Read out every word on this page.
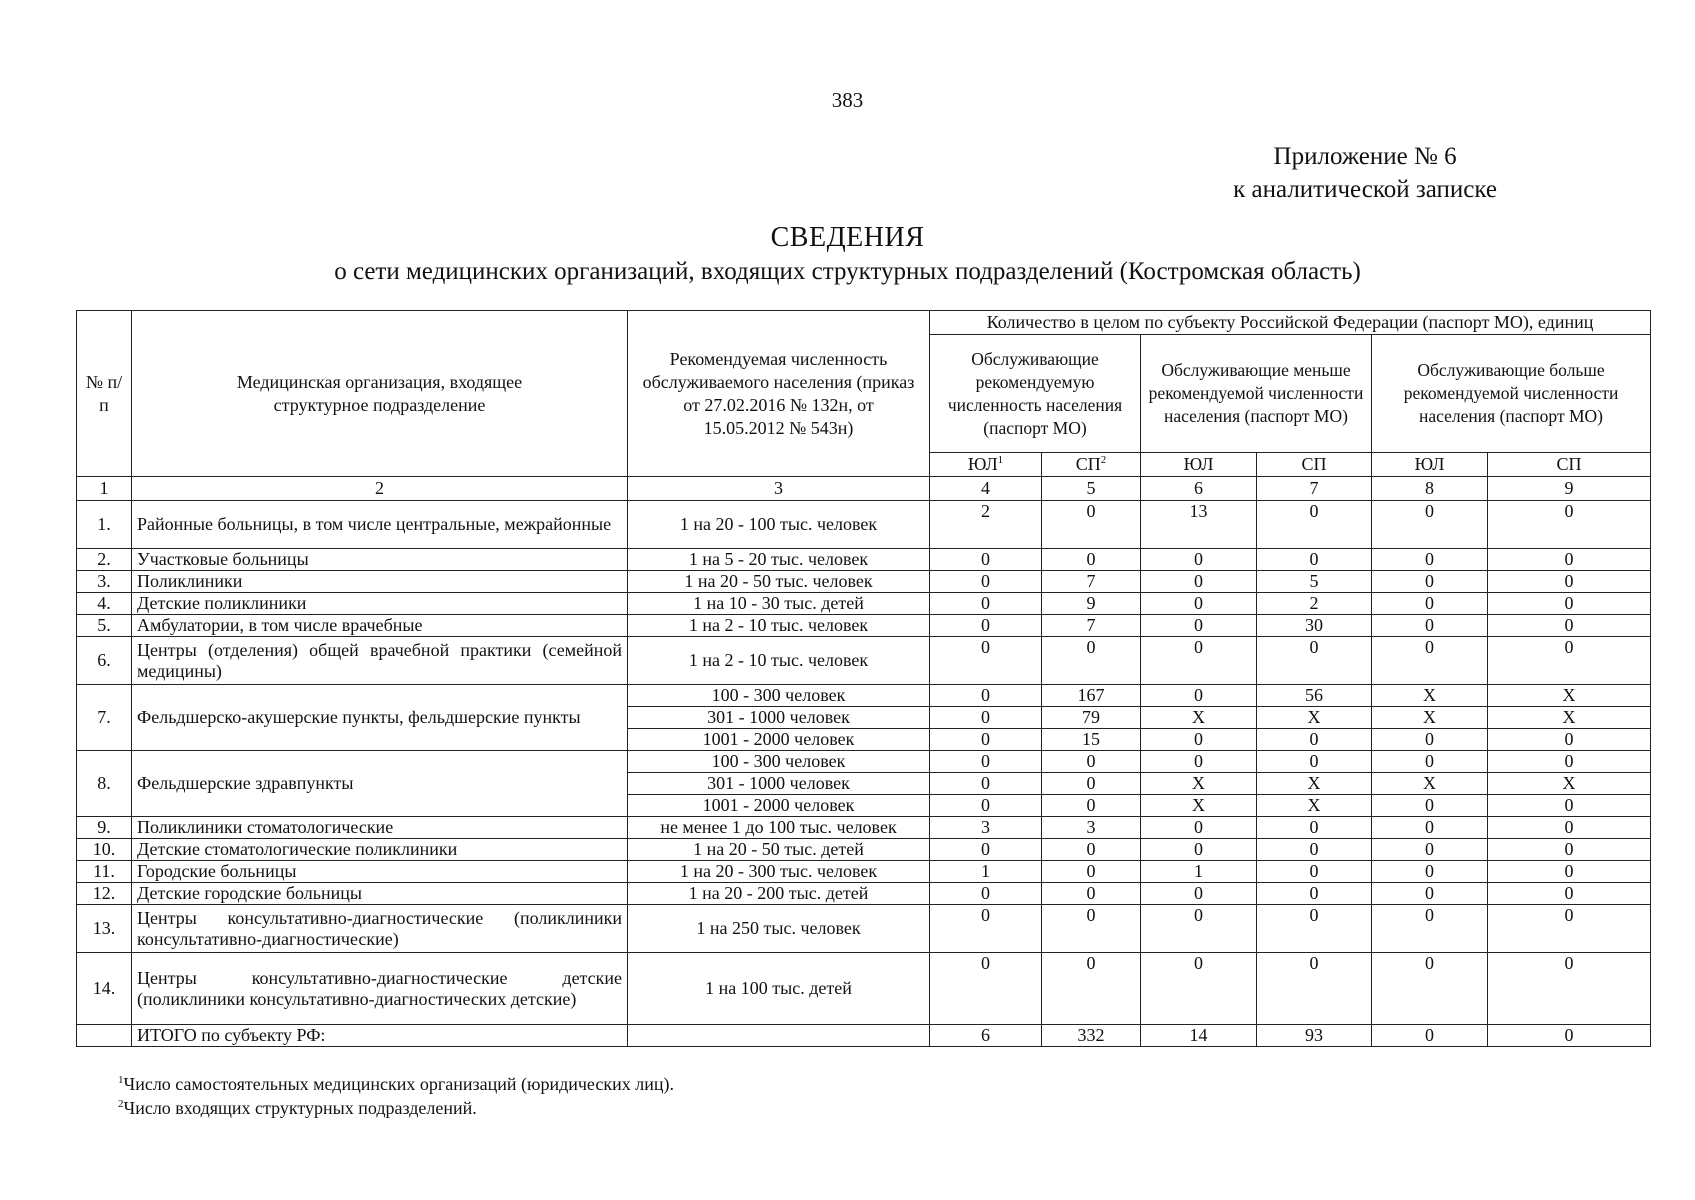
383
Приложение № 6
к аналитической записке
СВЕДЕНИЯ
о сети медицинских организаций, входящих структурных подразделений (Костромская область)
№ п/п	Медицинская организация, входящее структурное подразделение	Рекомендуемая численность обслуживаемого населения (приказ от 27.02.2016 № 132н, от 15.05.2012 № 543н)	Количество в целом по субъекту Российской Федерации (паспорт МО), единиц					
			Обслуживающие рекомендуемую численность населения (паспорт МО)		Обслуживающие меньше рекомендуемой численности населения (паспорт МО)		Обслуживающие больше рекомендуемой численности населения (паспорт МО)	
			$ЮЛ^1$	$СП^2$	ЮЛ	СП	ЮЛ	СП
1	2	3	4	5	6	7	8	9
1.	Районные больницы, в том числе центральные, межрайонные	1 на 20 - 100 тыс. человек	2	0	13	0	0	0
2.	Участковые больницы	1 на 5 - 20 тыс. человек	0	0	0	0	0	0
3.	Поликлиники	1 на 20 - 50 тыс. человек	0	7	0	5	0	0
4.	Детские поликлиники	1 на 10 - 30 тыс. детей	0	9	0	2	0	0
5.	Амбулатории, в том числе врачебные	1 на 2 - 10 тыс. человек	0	7	0	30	0	0
6.	Центры (отделения) общей врачебной практики (семейной медицины)	1 на 2 - 10 тыс. человек	0	0	0	0	0	0
7.	Фельдшерско-акушерские пункты, фельдшерские пункты	100 - 300 человек	0	167	0	56	X	X
		301 - 1000 человек	0	79	X	X	X	X
		1001 - 2000 человек	0	15	0	0	0	0
8.	Фельдшерские здравпункты	100 - 300 человек	0	0	0	0	0	0
		301 - 1000 человек	0	0	X	X	X	X
		1001 - 2000 человек	0	0	X	X	0	0
9.	Поликлиники стоматологические	не менее 1 до 100 тыс. человек	3	3	0	0	0	0
10.	Детские стоматологические поликлиники	1 на 20 - 50 тыс. детей	0	0	0	0	0	0
11.	Городские больницы	1 на 20 - 300 тыс. человек	1	0	1	0	0	0
12.	Детские городские больницы	1 на 20 - 200 тыс. детей	0	0	0	0	0	0
13.	Центры консультативно-диагностические (поликлиники консультативно-диагностические)	1 на 250 тыс. человек	0	0	0	0	0	0
14.	Центры консультативно-диагностические детские (поликлиники консультативно-диагностических детские)	1 на 100 тыс. детей	0	0	0	0	0	0
	ИТОГО по субъекту РФ:		6	332	14	93	0	0
$^1$Число самостоятельных медицинских организаций (юридических лиц).
$^2$Число входящих структурных подразделений.
